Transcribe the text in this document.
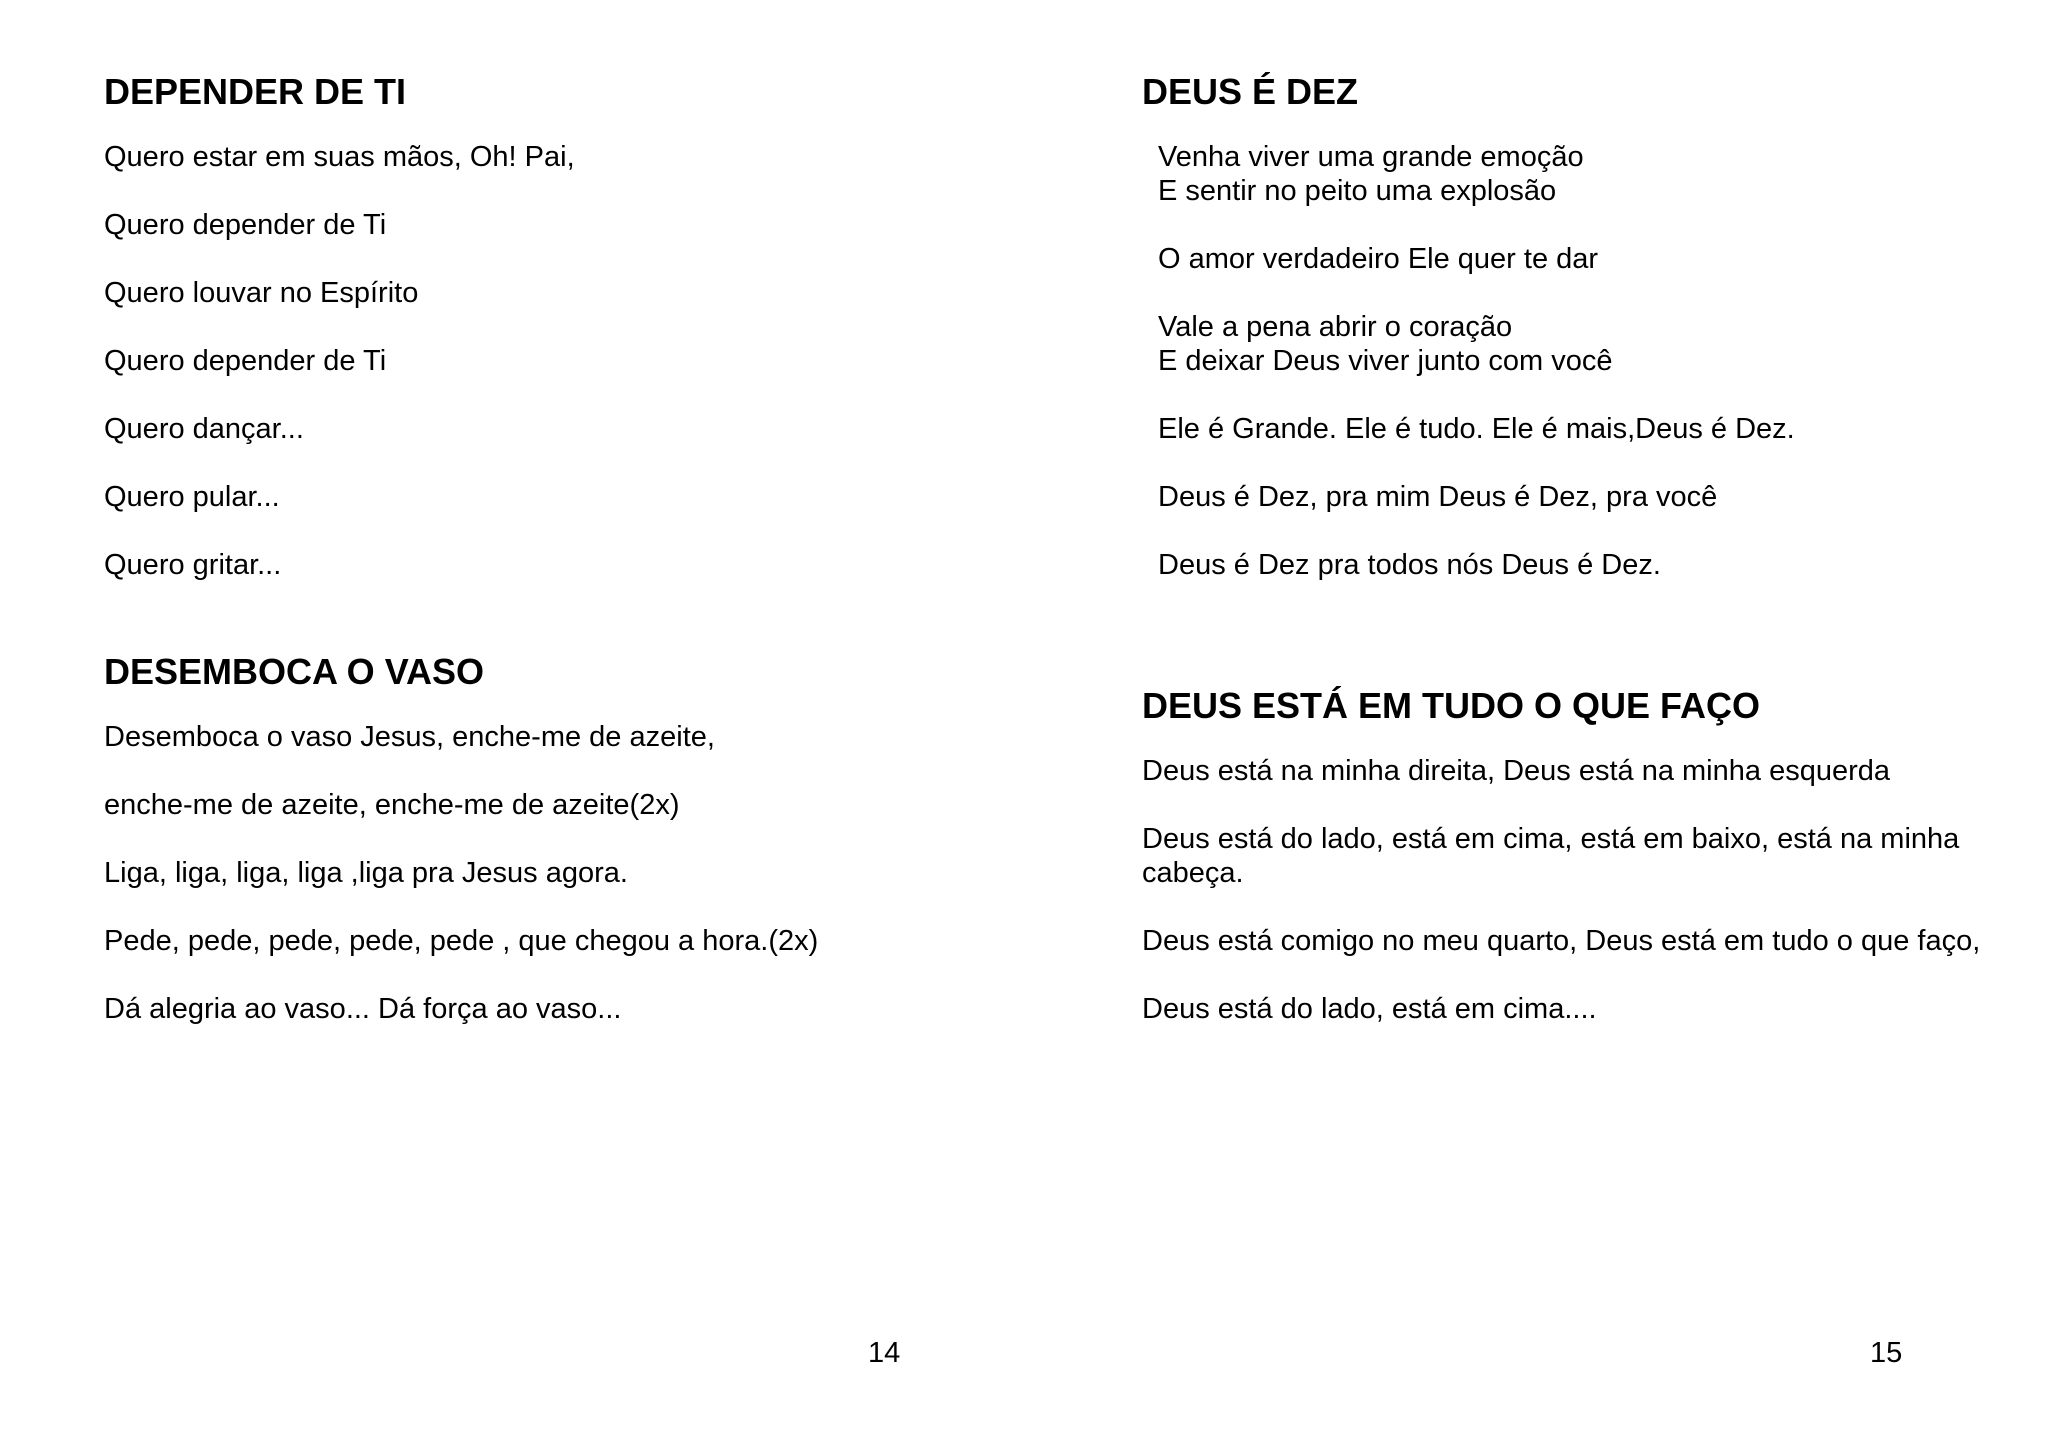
DEPENDER DE TI

Quero estar em suas mãos, Oh! Pai,

Quero depender de Ti

Quero louvar no Espírito

Quero depender de Ti

Quero dançar...

Quero pular...

Quero gritar...

DESEMBOCA O VASO

Desemboca o vaso Jesus, enche-me de azeite,

enche-me de azeite, enche-me de azeite(2x)

Liga, liga, liga, liga ,liga pra Jesus agora.

Pede, pede, pede, pede, pede , que chegou a hora.(2x)

Dá alegria ao vaso... Dá força ao vaso...

14
DEUS É DEZ

Venha viver uma grande emoção

E sentir no peito uma explosão

O amor verdadeiro Ele quer te dar

Vale a pena abrir o coração

E deixar Deus viver junto com você

Ele é Grande. Ele é tudo. Ele é mais,Deus é Dez.

Deus é Dez, pra mim Deus é Dez, pra você

Deus é Dez pra todos nós Deus é Dez.

DEUS ESTÁ EM TUDO O QUE FAÇO

Deus está na minha direita, Deus está na minha esquerda

Deus está do lado, está em cima, está em baixo, está na minha cabeça.

Deus está comigo no meu quarto, Deus está em tudo o que faço,

Deus está do lado, está em cima....

15
